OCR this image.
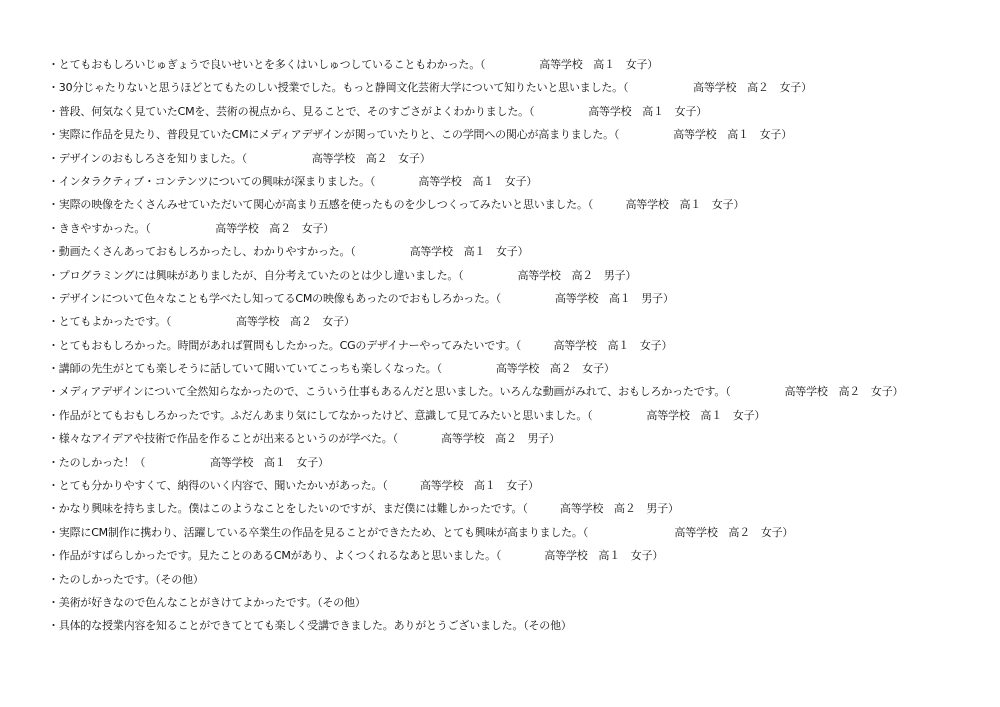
・とてもおもしろいじゅぎょうで良いせいとを多くはいしゅつしていることもわかった。（　　　　　高等学校　高１　女子）
・30分じゃたりないと思うほどとてもたのしい授業でした。もっと静岡文化芸術大学について知りたいと思いました。（　　　　　　高等学校　高２　女子）
・普段、何気なく見ていたCMを、芸術の視点から、見ることで、そのすごさがよくわかりました。（　　　　　高等学校　高１　女子）
・実際に作品を見たり、普段見ていたCMにメディアデザインが関っていたりと、この学問への関心が高まりました。（　　　　　高等学校　高１　女子）
・デザインのおもしろさを知りました。（　　　　　　高等学校　高２　女子）
・インタラクティブ・コンテンツについての興味が深まりました。（　　　　高等学校　高１　女子）
・実際の映像をたくさんみせていただいて関心が高まり五感を使ったものを少しつくってみたいと思いました。（　　　高等学校　高１　女子）
・ききやすかった。（　　　　　　高等学校　高２　女子）
・動画たくさんあっておもしろかったし、わかりやすかった。（　　　　　高等学校　高１　女子）
・プログラミングには興味がありましたが、自分考えていたのとは少し違いました。（　　　　　高等学校　高２　男子）
・デザインについて色々なことも学べたし知ってるCMの映像もあったのでおもしろかった。（　　　　　高等学校　高１　男子）
・とてもよかったです。（　　　　　　高等学校　高２　女子）
・とてもおもしろかった。時間があれば質問もしたかった。CGのデザイナーやってみたいです。（　　　高等学校　高１　女子）
・講師の先生がとても楽しそうに話していて聞いていてこっちも楽しくなった。（　　　　　高等学校　高２　女子）
・メディアデザインについて全然知らなかったので、こういう仕事もあるんだと思いました。いろんな動画がみれて、おもしろかったです。（　　　　　高等学校　高２　女子）
・作品がとてもおもしろかったです。ふだんあまり気にしてなかったけど、意識して見てみたいと思いました。（　　　　　高等学校　高１　女子）
・様々なアイデアや技術で作品を作ることが出来るというのが学べた。（　　　　高等学校　高２　男子）
・たのしかった！（　　　　　　高等学校　高１　女子）
・とても分かりやすくて、納得のいく内容で、聞いたかいがあった。（　　　高等学校　高１　女子）
・かなり興味を持ちました。僕はこのようなことをしたいのですが、まだ僕には難しかったです。（　　　高等学校　高２　男子）
・実際にCM制作に携わり、活躍している卒業生の作品を見ることができたため、とても興味が高まりました。（　　　　　　　　高等学校　高２　女子）
・作品がすばらしかったです。見たことのあるCMがあり、よくつくれるなあと思いました。（　　　　高等学校　高１　女子）
・たのしかったです。（その他）
・美術が好きなので色んなことがきけてよかったです。（その他）
・具体的な授業内容を知ることができてとても楽しく受講できました。ありがとうございました。（その他）
